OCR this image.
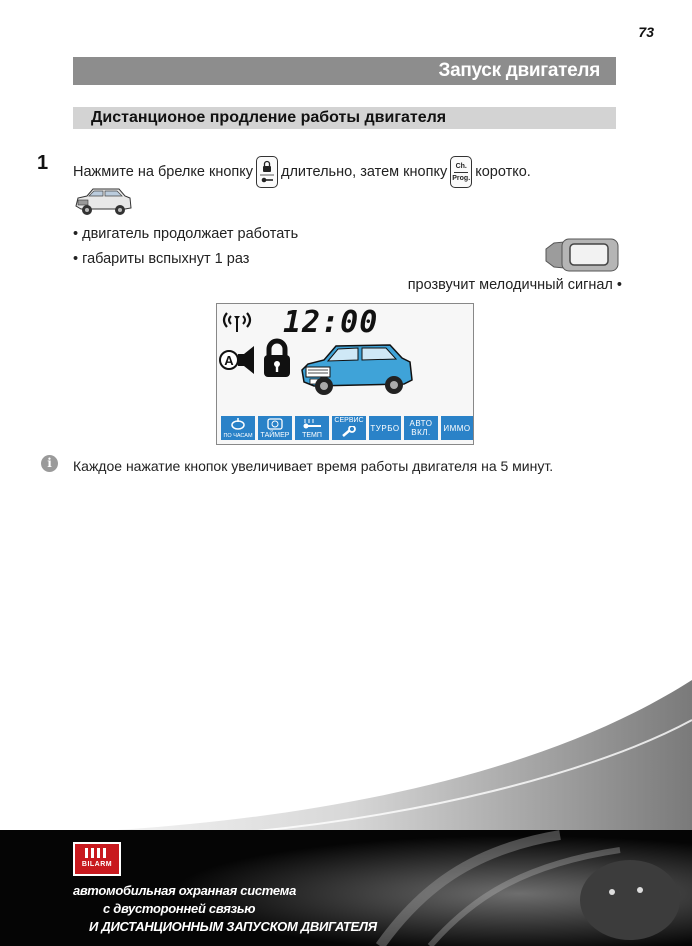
73
Запуск двигателя
Дистанционое продление работы двигателя
1 Нажмите на брелке кнопку длительно, затем кнопку Ch.
Prog. коротко.
• двигатель продолжает работать
• габариты вспыхнут 1 раз
прозвучит мелодичный сигнал •
12:00
A
ПО ЧАСАМ ТАЙМЕР ТЕМП
СЕРВИС
ТУРБО	АВТО ВКЛ.	ИММО
i	Каждое нажатие кнопок увеличивает время работы двигателя на 5 минут.
BILARM
автомобильная охранная система
с двусторонней связью
И ДИСТАНЦИОННЫМ ЗАПУСКОМ ДВИГАТЕЛЯ
